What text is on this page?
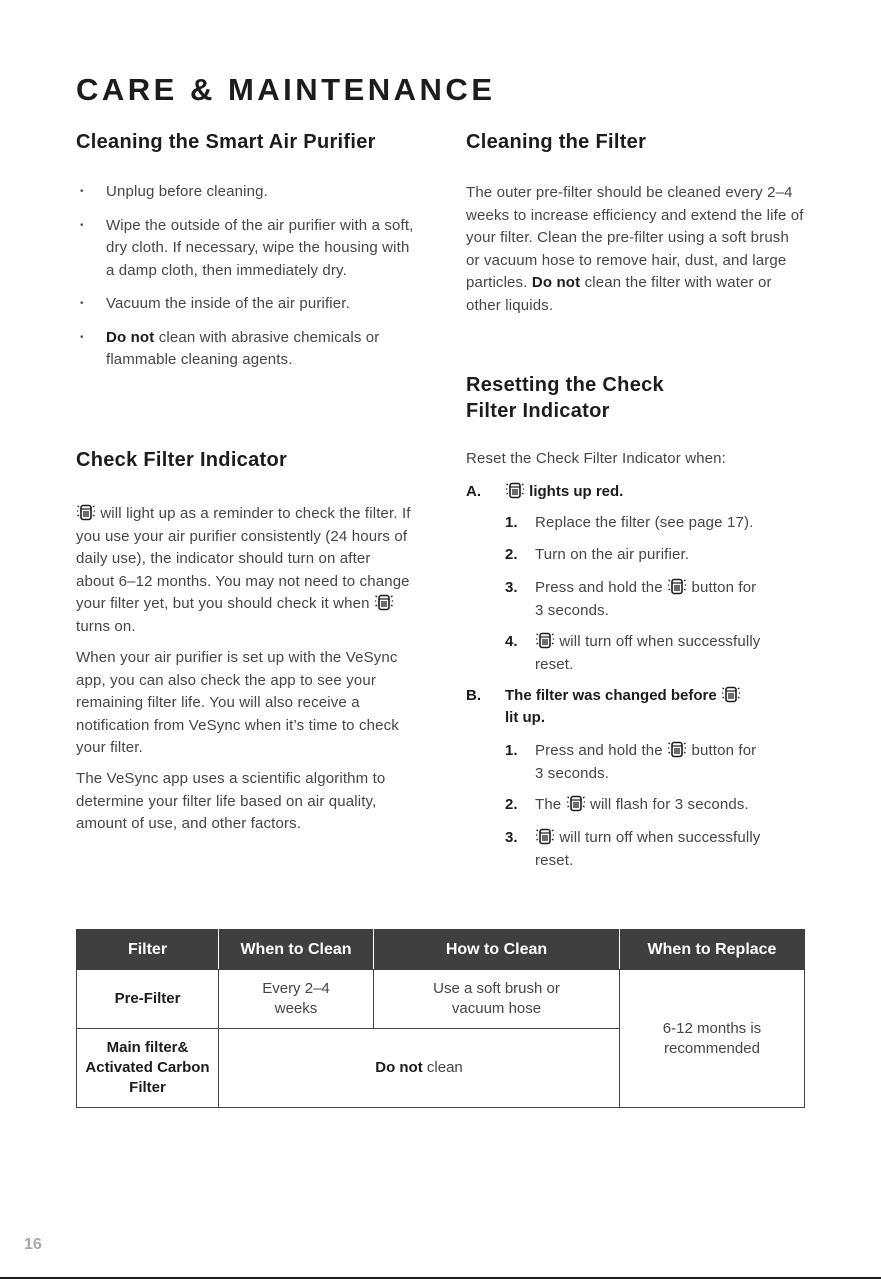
CARE & MAINTENANCE
Cleaning the Smart Air Purifier
• Unplug before cleaning.
• Wipe the outside of the air purifier with a soft, dry cloth. If necessary, wipe the housing with a damp cloth, then immediately dry.
• Vacuum the inside of the air purifier.
• Do not clean with abrasive chemicals or flammable cleaning agents.
Check Filter Indicator
will light up as a reminder to check the filter. If you use your air purifier consistently (24 hours of daily use), the indicator should turn on after about 6–12 months. You may not need to change your filter yet, but you should check it when  turns on.
When your air purifier is set up with the VeSync app, you can also check the app to see your remaining filter life. You will also receive a notification from VeSync when it’s time to check your filter.
The VeSync app uses a scientific algorithm to determine your filter life based on air quality, amount of use, and other factors.
Cleaning the Filter
The outer pre-filter should be cleaned every 2–4 weeks to increase efficiency and extend the life of your filter. Clean the pre-filter using a soft brush or vacuum hose to remove hair, dust, and large particles. Do not clean the filter with water or other liquids.
Resetting the Check
Filter Indicator
Reset the Check Filter Indicator when:
A.	lights up red.
1. Replace the filter (see page 17).
2. Turn on the air purifier.
3. Press and hold the button for
3 seconds.
4.	will turn off when successfully
reset.
B. The filter was changed before
lit up.
1. Press and hold the button for
3 seconds.
2. The will flash for 3 seconds.
3.	will turn off when successfully
reset.
Filter	When to Clean	How to Clean	When to Replace
Pre-Filter	Every 2–4 weeks	Use a soft brush or vacuum hose	6-12 months is recommended
Main filter& Activated Carbon Filter	Do not clean		
16
